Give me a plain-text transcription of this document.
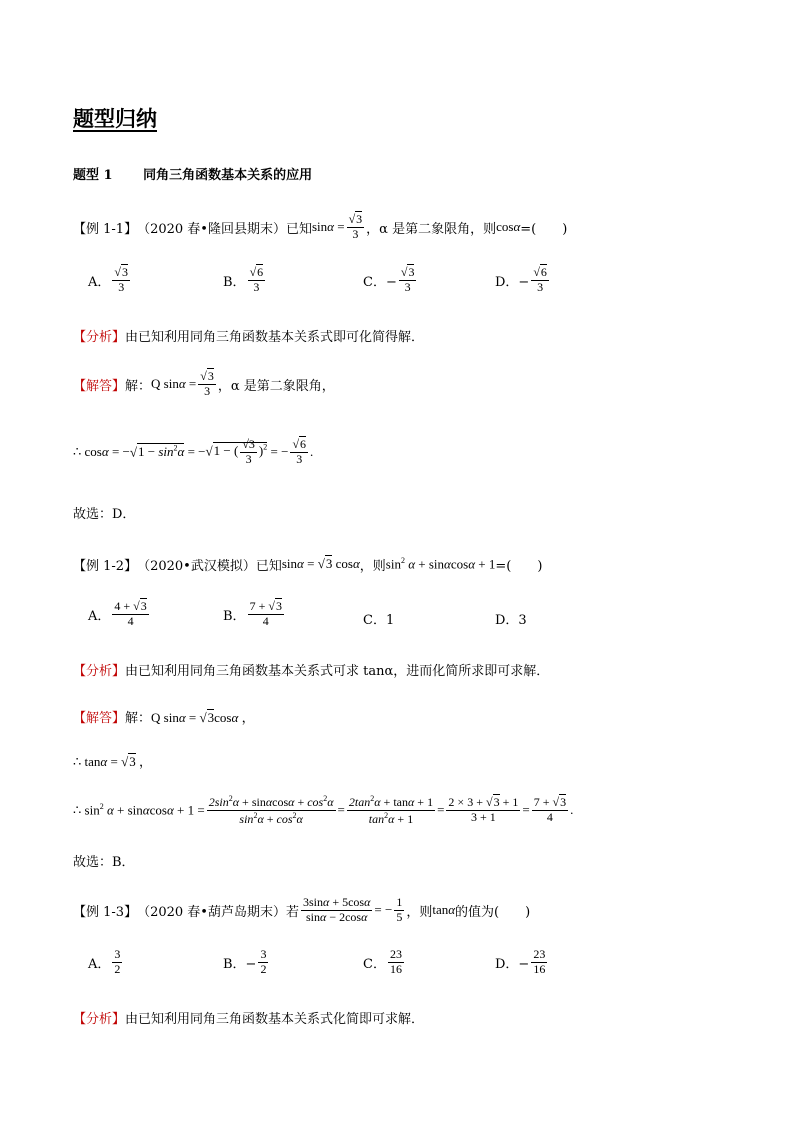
题型归纳
题型 1 同角三角函数基本关系的应用
【例 1-1】 （2020 春•隆回县期末） 已知 $\sin\alpha = \frac{√3}{3}$ ，α 是第二象限角，则 cosα =(　　)
A． $\frac{√3}{3}$	B． $\frac{√6}{3}$	C．− $\frac{√3}{3}$	D．− $\frac{√6}{3}$
【分析】由已知利用同角三角函数基本关系式即可化简得解．
【解答】 解： Q $\sin\alpha = \frac{√3}{3}$ ，α 是第二象限角，
∴ cosα = − $√1 - \sin^2\alpha$ = − √1 − ( $\frac{√3}{3} )^2$ = − $\frac{√6}{3}$ .
故选：D．
【例 1-2】 （2020•武汉模拟） 已知 sinα = √3 cosα ，则 $\sin^2 \alpha + \sin\alpha\cos\alpha + 1$ =(　　)
A． $\frac{4 + √3}{4}$	B． $\frac{7 + √3}{4}$	C．1	D．3
【分析】由已知利用同角三角函数基本关系式可求 tanα，进而化简所求即可求解．
【解答】 解： Q sinα = √3cosα ，
∴ tanα = √3 ，
∴ $\sin^2 \alpha + \sin\alpha\cos\alpha + 1 = \frac{2\sin^2\alpha + \sin\alpha\cos\alpha + \cos^2\alpha}{\sin^2\alpha + \cos^2\alpha} = \frac{2\tan^2\alpha + \tan\alpha + 1}{\tan^2\alpha + 1} = \frac{2 \times 3 + √3 + 1}{3 + 1} = \frac{7 + √3}{4}$ .
故选：B．
【例 1-3】 （2020 春•葫芦岛期末） 若 $\frac{3\sin\alpha + 5\cos\alpha}{\sin\alpha - 2\cos\alpha}$ = − $\frac{1}{5}$ ，则 tanα 的值为(　　)
A． $\frac{3}{2}$	B．− $\frac{3}{2}$	C． $\frac{23}{16}$	D．− $\frac{23}{16}$
【分析】由已知利用同角三角函数基本关系式化简即可求解．
